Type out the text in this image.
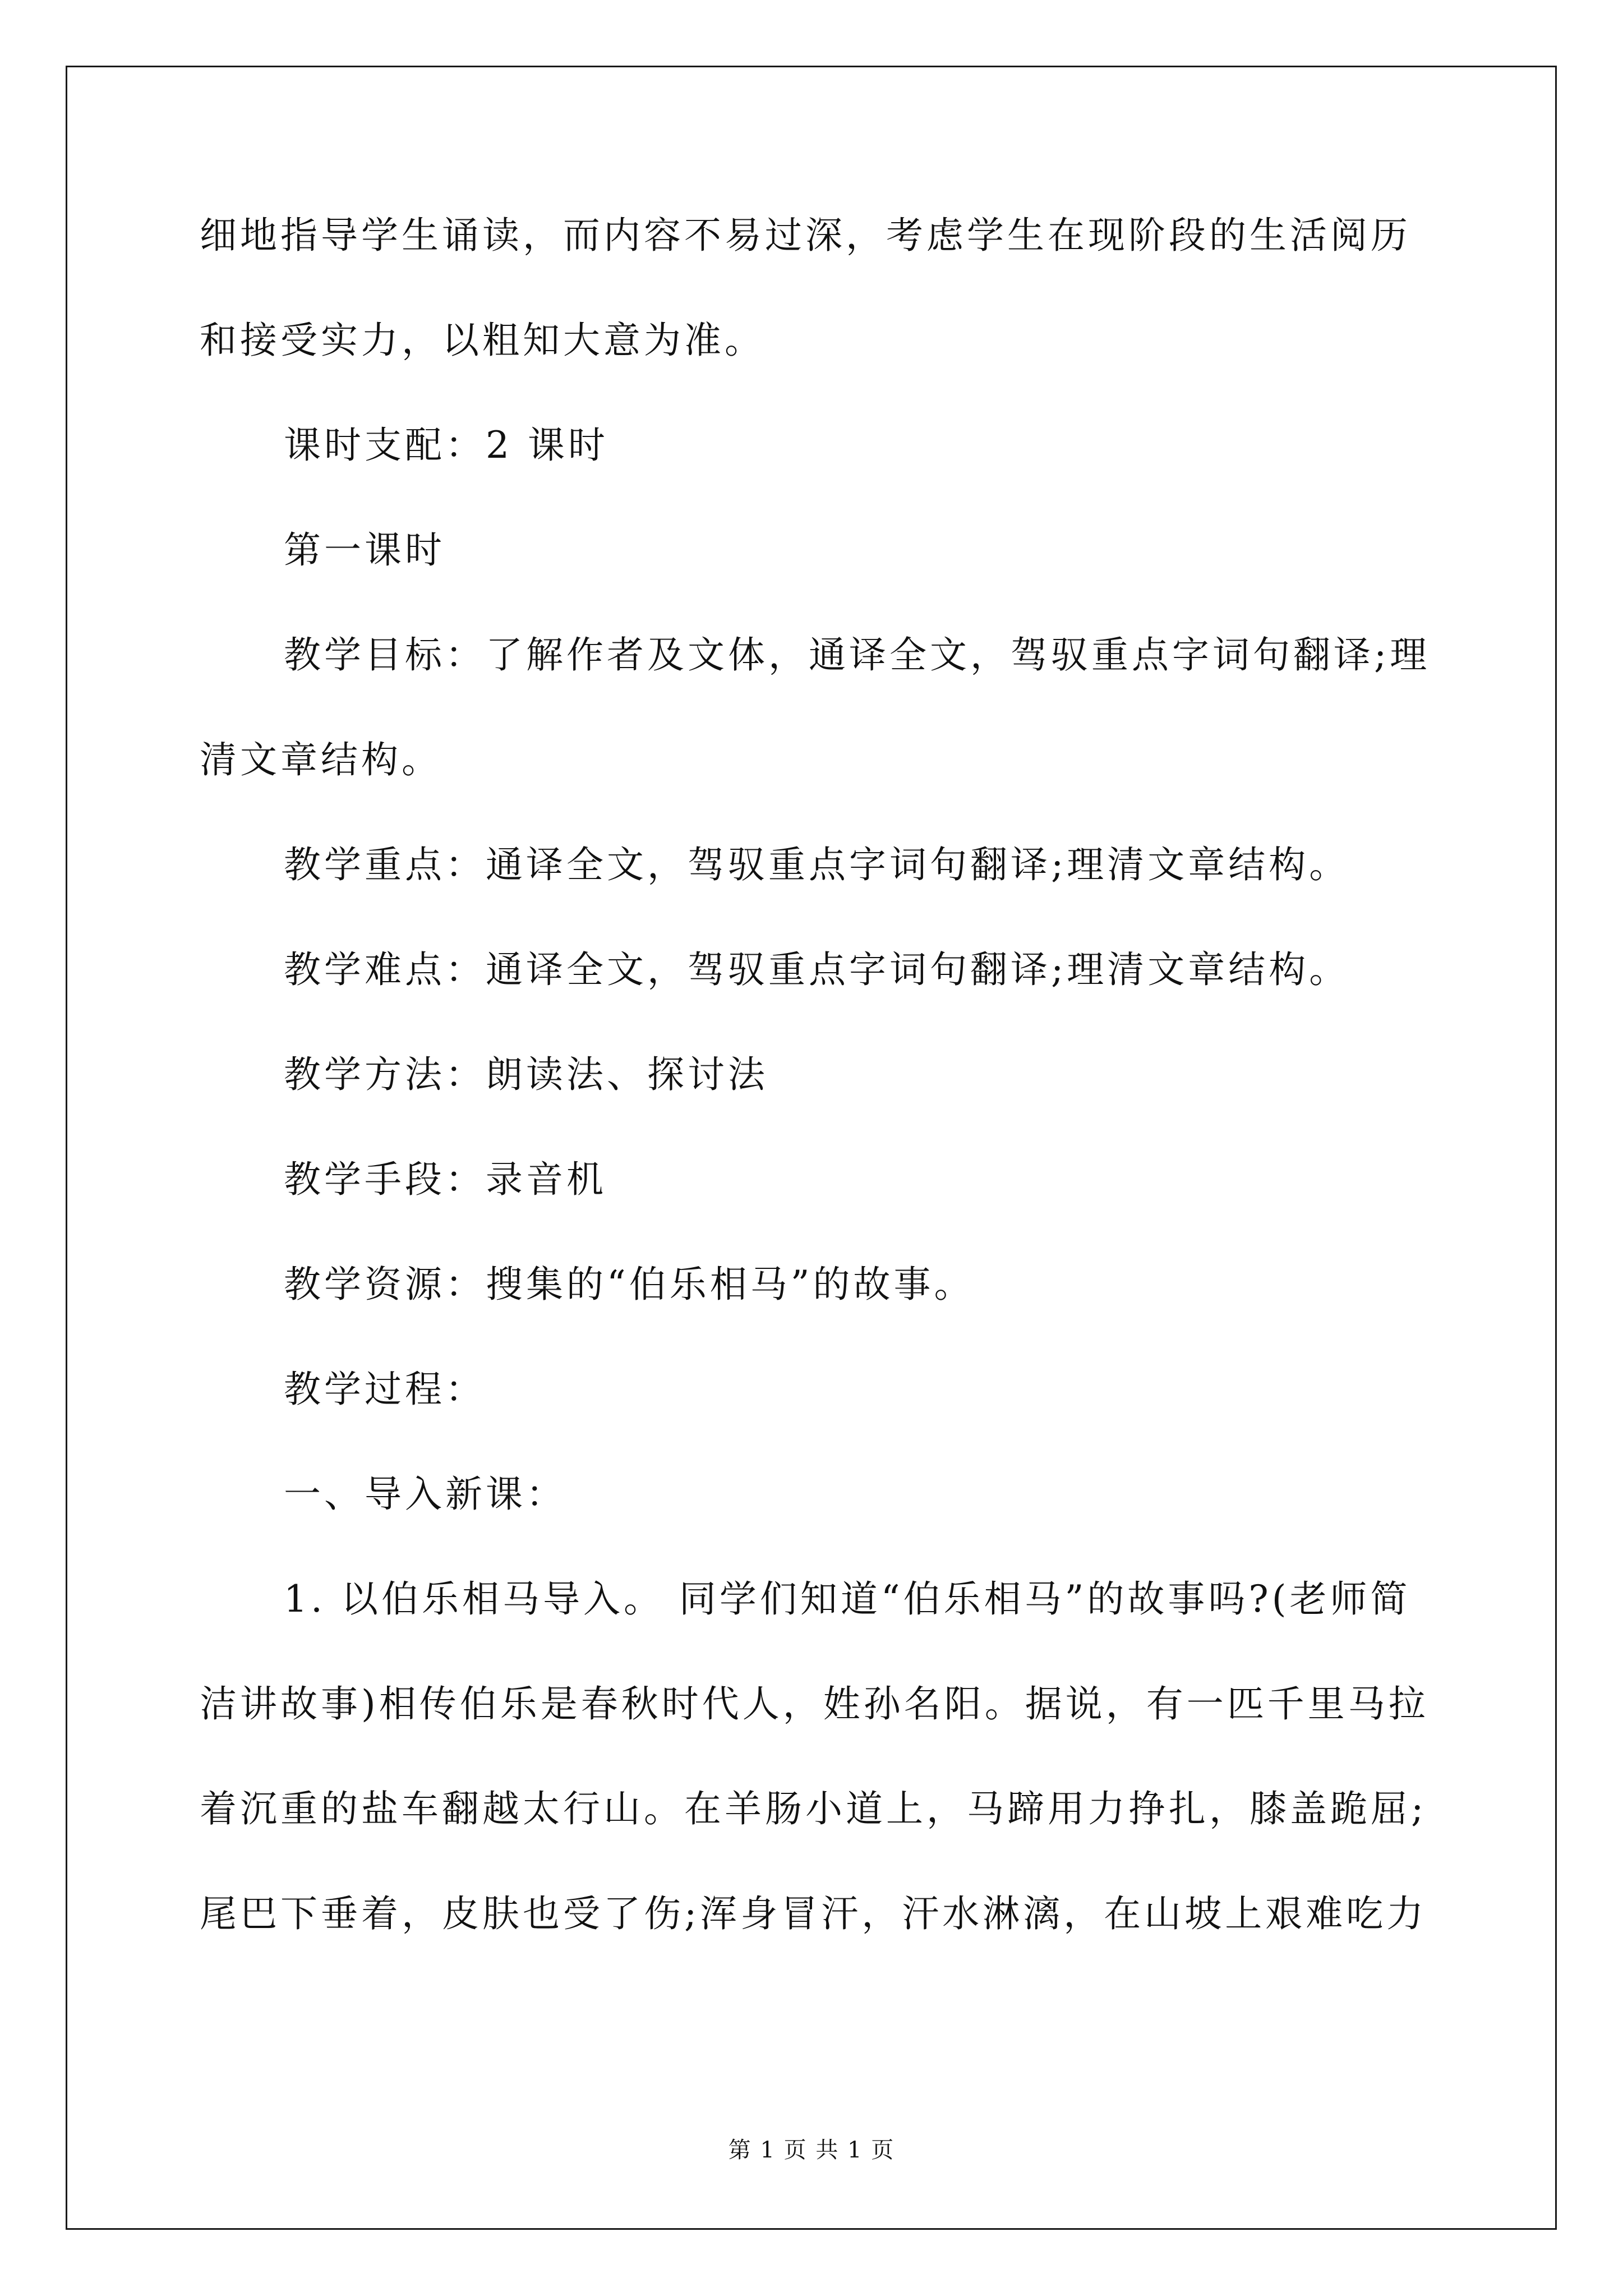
细地指导学生诵读，而内容不易过深，考虑学生在现阶段的生活阅历
和接受实力，以粗知大意为准。
课时支配：2 课时
第一课时
教学目标：了解作者及文体，通译全文，驾驭重点字词句翻译;理
清文章结构。
教学重点：通译全文，驾驭重点字词句翻译;理清文章结构。
教学难点：通译全文，驾驭重点字词句翻译;理清文章结构。
教学方法：朗读法、探讨法
教学手段：录音机
教学资源：搜集的“伯乐相马”的故事。
教学过程：
一、导入新课：
1. 以伯乐相马导入。 同学们知道“伯乐相马”的故事吗?(老师简
洁讲故事)相传伯乐是春秋时代人，姓孙名阳。据说，有一匹千里马拉
着沉重的盐车翻越太行山。在羊肠小道上，马蹄用力挣扎，膝盖跪屈;
尾巴下垂着，皮肤也受了伤;浑身冒汗，汗水淋漓，在山坡上艰难吃力
第 1 页 共 1 页
